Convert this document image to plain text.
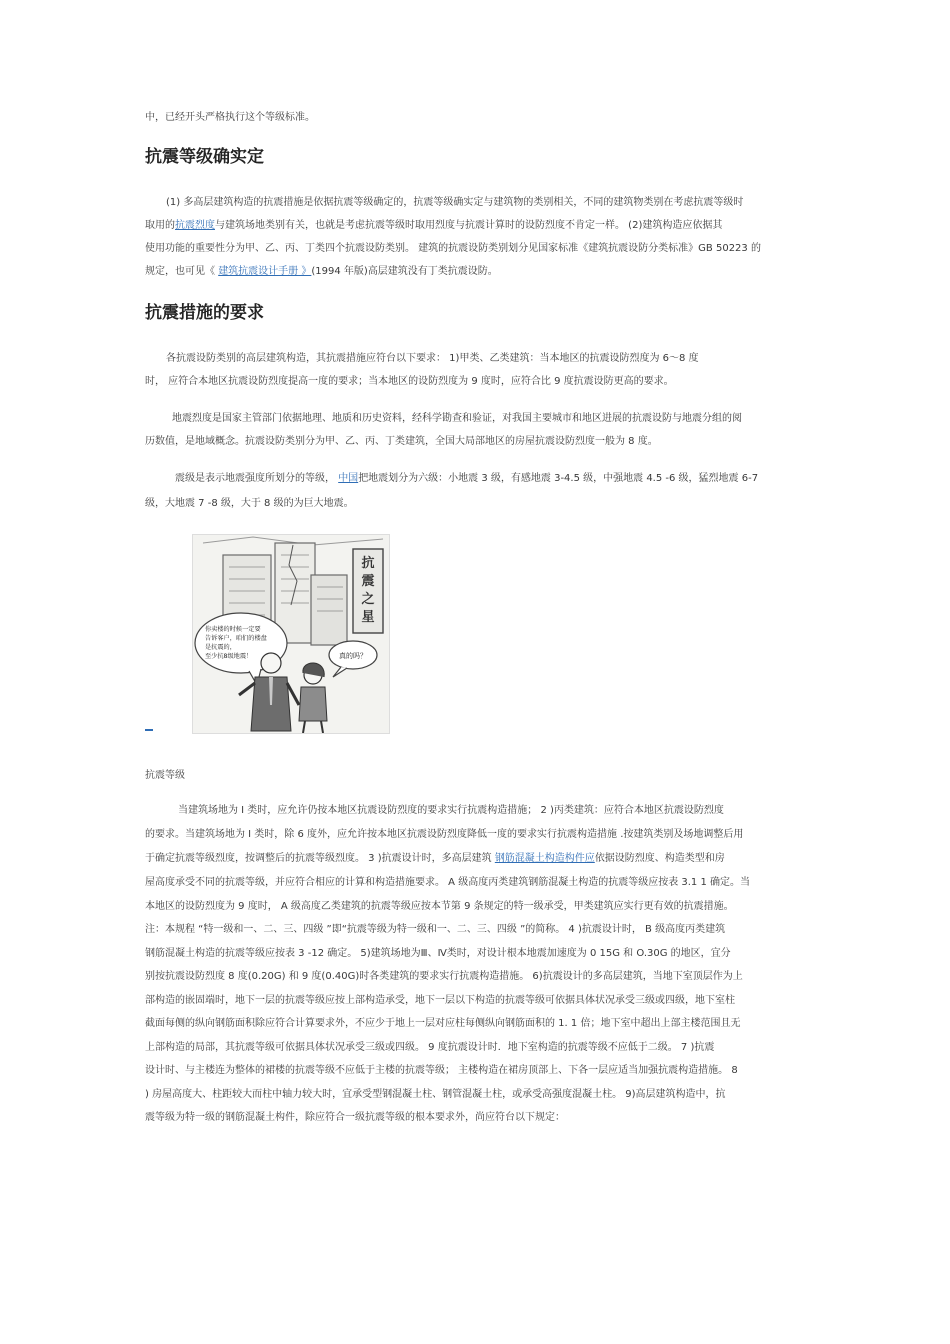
中，已经开头严格执行这个等级标准。
抗震等级确实定
(1) 多高层建筑构造的抗震措施是依据抗震等级确定的，抗震等级确实定与建筑物的类别相关，不同的建筑物类别在考虑抗震等级时
取用的抗震烈度与建筑场地类别有关，也就是考虑抗震等级时取用烈度与抗震计算时的设防烈度不肯定一样。 (2)建筑构造应依据其
使用功能的重要性分为甲、乙、丙、丁类四个抗震设防类别。 建筑的抗震设防类别划分见国家标准《建筑抗震设防分类标准》GB 50223 的
规定，也可见《 建筑抗震设计手册 》(1994 年版)高层建筑没有丁类抗震设防。
抗震措施的要求
各抗震设防类别的高层建筑构造，其抗震措施应符台以下要求： 1)甲类、乙类建筑：当本地区的抗震设防烈度为 6～8 度
时， 应符合本地区抗震设防烈度提高一度的要求；当本地区的设防烈度为 9 度时，应符合比 9 度抗震设防更高的要求。
地震烈度是国家主管部门依据地理、地质和历史资料，经科学勘查和验证，对我国主要城市和地区进展的抗震设防与地震分组的阅
历数值，是地域概念。抗震设防类别分为甲、乙、丙、丁类建筑，全国大局部地区的房屋抗震设防烈度一般为 8 度。
震级是表示地震强度所划分的等级， 中国把地震划分为六级：小地震 3 级，有感地震 3-4.5 级，中强地震 4.5 -6 级，猛烈地震 6-7
级，大地震 7 -8 级，大于 8 级的为巨大地震。
抗
震
之
星
你卖楼的时候一定要
告诉客户，咱们的楼盘
是抗震的，
至少抗8级地震！	真的吗？
抗震等级
当建筑场地为 Ⅰ 类时，应允许仍按本地区抗震设防烈度的要求实行抗震构造措施； 2 )丙类建筑：应符合本地区抗震设防烈度
的要求。当建筑场地为 Ⅰ 类时，除 6 度外，应允许按本地区抗震设防烈度降低一度的要求实行抗震构造措施 .按建筑类别及场地调整后用
于确定抗震等级烈度，按调整后的抗震等级烈度。 3 )抗震设计时，多高层建筑 钢筋混凝土构造构件应依据设防烈度、构造类型和房
屋高度承受不同的抗震等级，并应符合相应的计算和构造措施要求。 A 级高度丙类建筑钢筋混凝土构造的抗震等级应按表 3.1 1 确定。当
本地区的设防烈度为 9 度时， A 级高度乙类建筑的抗震等级应按本节第 9 条规定的特一级承受，甲类建筑应实行更有效的抗震措施。
注：本规程 “特一级和一、二、三、四级 ”即“抗震等级为特一级和一、二、三、四级 ”的简称。 4 )抗震设计时， B 级高度丙类建筑
钢筋混凝土构造的抗震等级应按表 3 -12 确定。 5)建筑场地为Ⅲ、Ⅳ类时，对设计根本地震加速度为 0 15G 和 O.30G 的地区，宜分
别按抗震设防烈度 8 度(0.20G) 和 9 度(0.40G)时各类建筑的要求实行抗震构造措施。 6)抗震设计的多高层建筑，当地下室顶层作为上
部构造的嵌固端时，地下一层的抗震等级应按上部构造承受，地下一层以下构造的抗震等级可依据具体状况承受三级或四级，地下室柱
截面每侧的纵向钢筋面积除应符合计算要求外，不应少于地上一层对应柱每侧纵向钢筋面积的 1. 1 倍；地下室中超出上部主楼范围且无
上部构造的局部，其抗震等级可依据具体状况承受三级或四级。 9 度抗震设计时．地下室构造的抗震等级不应低于二级。 7 )抗震
设计时、与主楼连为整体的裙楼的抗震等级不应低于主楼的抗震等级； 主楼构造在裙房顶部上、下各一层应适当加强抗震构造措施。 8
) 房屋高度大、柱距较大而柱中轴力较大时，宜承受型钢混凝土柱、钢管混凝土柱，或承受高强度混凝土柱。 9)高层建筑构造中，抗
震等级为特一级的钢筋混凝土构件，除应符合一级抗震等级的根本要求外，尚应符台以下规定：
